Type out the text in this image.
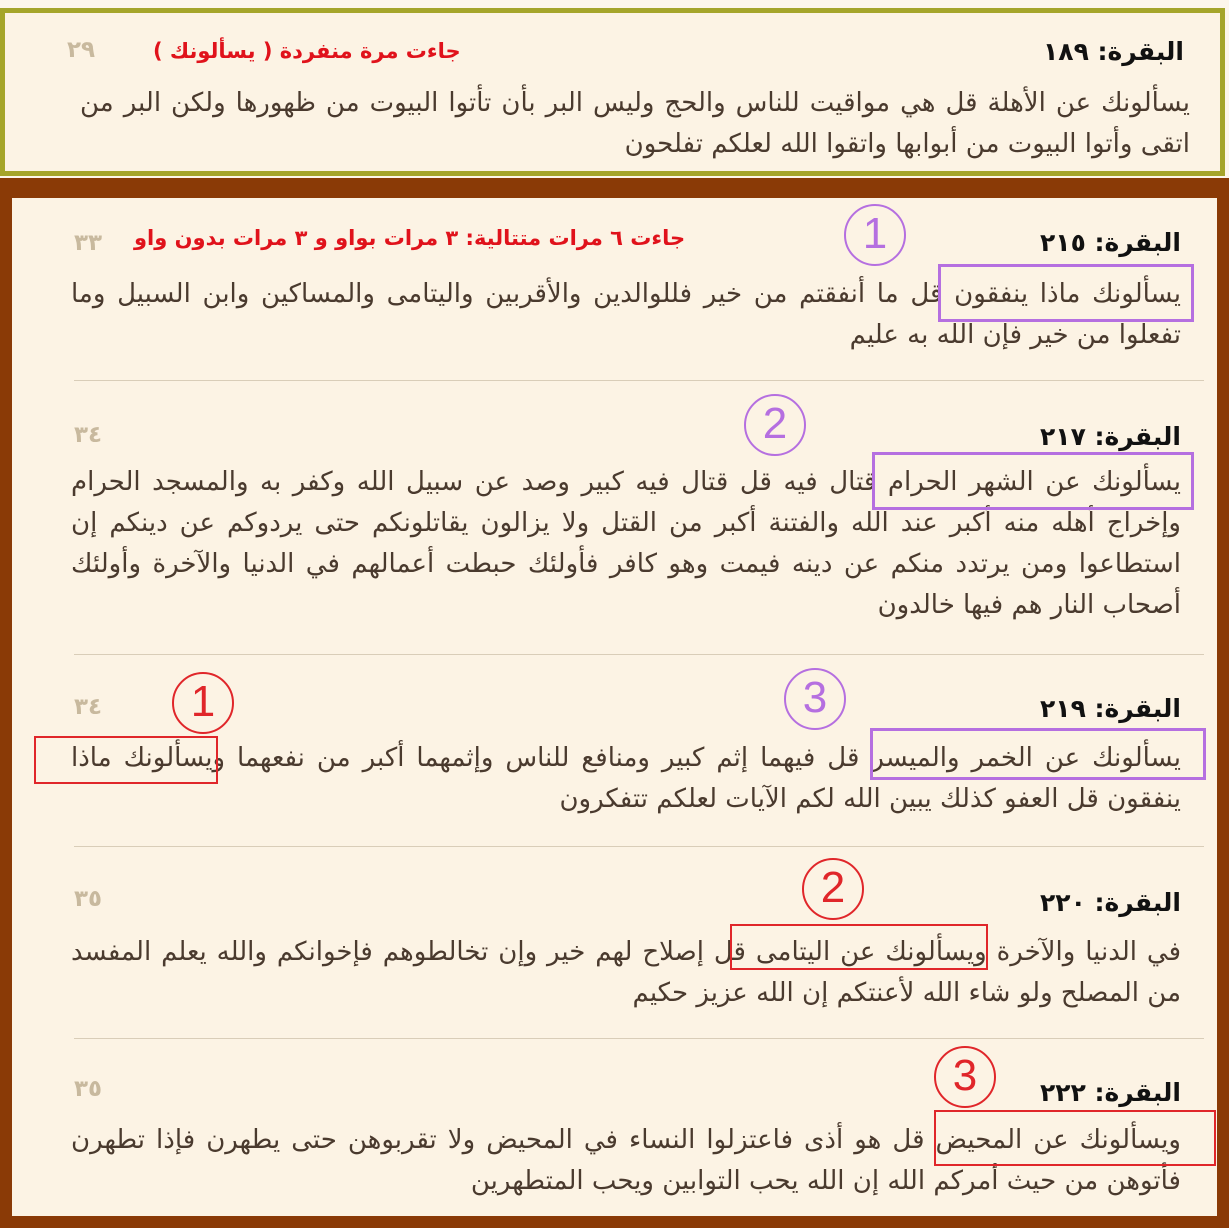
البقرة: ١٨٩
٢٩	جاءت مرة منفردة ( يسألونك )
يسألونك عن الأهلة قل هي مواقيت للناس والحج وليس البر بأن تأتوا البيوت من ظهورها ولكن البر من اتقى وأتوا البيوت من أبوابها واتقوا الله لعلكم تفلحون
جاءت ٦ مرات متتالية: ٣ مرات بواو و ٣ مرات بدون واو	البقرة: ٢١٥
٣٣
يسألونك ماذا ينفقون قل ما أنفقتم من خير فللوالدين والأقربين واليتامى والمساكين وابن السبيل وما تفعلوا من خير فإن الله به عليم
1
البقرة: ٢١٧
٣٤
يسألونك عن الشهر الحرام قتال فيه قل قتال فيه كبير وصد عن سبيل الله وكفر به والمسجد الحرام وإخراج أهله منه أكبر عند الله والفتنة أكبر من القتل ولا يزالون يقاتلونكم حتى يردوكم عن دينكم إن استطاعوا ومن يرتدد منكم عن دينه فيمت وهو كافر فأولئك حبطت أعمالهم في الدنيا والآخرة وأولئك أصحاب النار هم فيها خالدون
2
البقرة: ٢١٩
٣٤
يسألونك عن الخمر والميسر قل فيهما إثم كبير ومنافع للناس وإثمهما أكبر من نفعهما ويسألونك ماذا ينفقون قل العفو كذلك يبين الله لكم الآيات لعلكم تتفكرون
3
1
البقرة: ٢٢٠
٣٥
في الدنيا والآخرة ويسألونك عن اليتامى قل إصلاح لهم خير وإن تخالطوهم فإخوانكم والله يعلم المفسد من المصلح ولو شاء الله لأعنتكم إن الله عزيز حكيم
2
البقرة: ٢٢٢
٣٥
ويسألونك عن المحيض قل هو أذى فاعتزلوا النساء في المحيض ولا تقربوهن حتى يطهرن فإذا تطهرن فأتوهن من حيث أمركم الله إن الله يحب التوابين ويحب المتطهرين
3
